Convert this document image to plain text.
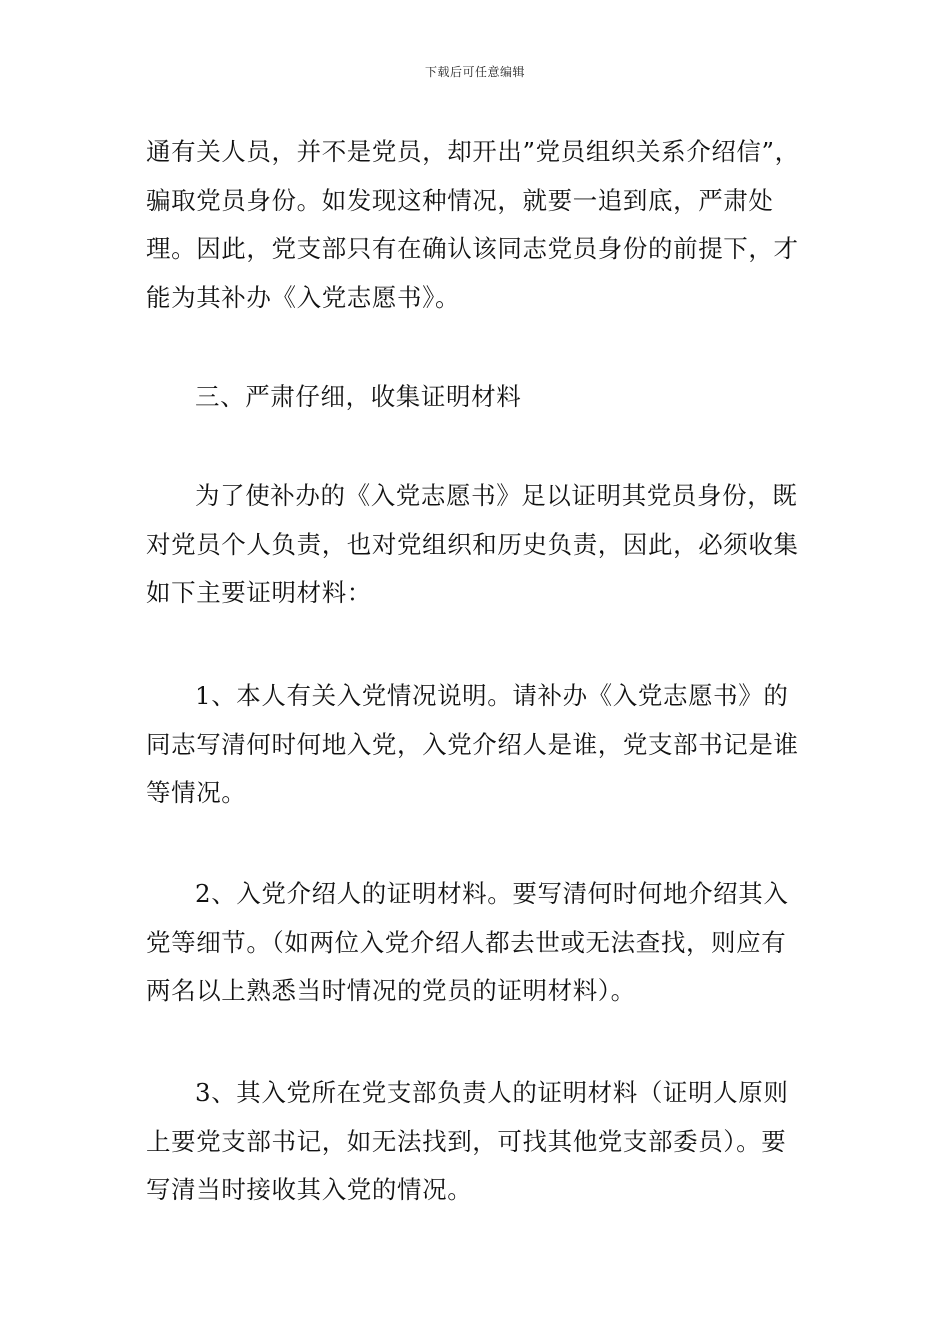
下载后可任意编辑

通有关人员，并不是党员，却开出”党员组织关系介绍信”，骗取党员身份。如发现这种情况，就要一追到底，严肃处理。因此，党支部只有在确认该同志党员身份的前提下，才能为其补办《入党志愿书》。

三、严肃仔细，收集证明材料

为了使补办的《入党志愿书》足以证明其党员身份，既对党员个人负责，也对党组织和历史负责，因此，必须收集如下主要证明材料：

1、本人有关入党情况说明。请补办《入党志愿书》的同志写清何时何地入党，入党介绍人是谁，党支部书记是谁等情况。

2、入党介绍人的证明材料。要写清何时何地介绍其入党等细节。（如两位入党介绍人都去世或无法查找，则应有两名以上熟悉当时情况的党员的证明材料）。

3、其入党所在党支部负责人的证明材料（证明人原则上要党支部书记，如无法找到，可找其他党支部委员）。要写清当时接收其入党的情况。
